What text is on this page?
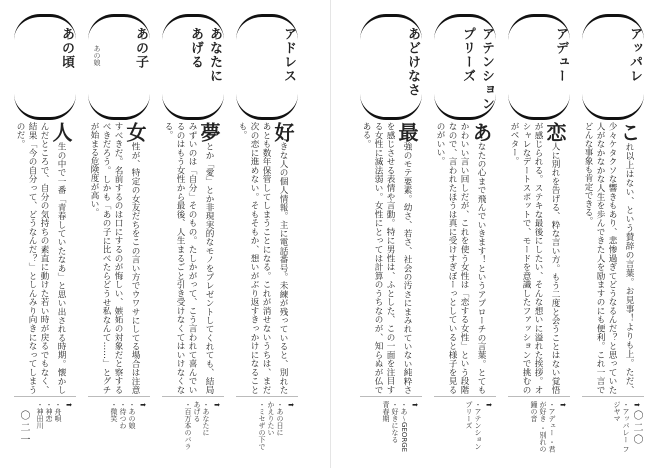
アッパレ
これ以上はない、という賛辞の言葉。お見事！よりも上。ただ、少々ケタクソな響きもあり、悲惨過ぎてどうなるんだ？と思っていた人がなかなかな人生を歩んできた人を励ますのにも便利。これ一言でどんな事象も肯定できる。
➡
・アッパレー フジヤマ
アデュー
恋人に別れを告げる、粋な言い方。もう二度と会うことはない覚悟が感じられる。ステキな最後にしたい、そんな想いに溢れた挨拶。オシャレなデートスポットで、モードを意識したファッションで挑むのがベター。
➡
・アデュー ・君が好き ・別れの鐘の音
アテンション
プリーズ
あなたの心まで飛んでいきます！というアプローチの言葉。とてもかわいい言い回しだが、これを使う女性は「恋する女性」という段階なので、言われたほうは真に受けすぎぼーっとしていると様子を見るのがいい。
➡
・アテンション
プリーズ
あどけなさ
最強のモテ要素。幼さ、若さ、社会の汚さにまみれていない純粋さを感じさせる表情や言動。特に男性は、ふとした、この一面を注目する女性に滅法弱い。女性にとっては計算のうちなのが、知らぬが仏である。
➡
・あ～GEORGE
・好きになる
青春期
アドレス
好きな人の個人情報。主に電話番号。未練が残っていると、別れたあとも数年保管してしまうことになる。これが消せないうちは、まだ次の恋に進めない。そもそもか、想いがぶり返すきっかけになることも。
➡
・あの日に
かえりたい
・ミセザの下で
あなたに
あげる
夢とか「愛」とか非現実的なモノをプレゼントしてくれても、結局みずいのは「自分」そのもの。たしかがって、こう言われて喜んでいるのはもう女性から最後、人生まるごと引き受けなくてはいけなくなる。
➡
・あなたに
あげる
・百万本のバラ
あの子
あの娘
女性が、特定の女友だちをこの言い方でウワサにしてる場合は注意すべきだ。名前するのは口にするのが悔しい、嫉妬の対象だと察するべきだろう。しかも「あの子に比べたらどうせ私なんて……」とグチが始まる危険度が高い。
➡
・あの娘
・待つわ
・微笑
あの頃
人生の中で一番「青春していたなあ」と思い出される時期。懐かしんだところで、自分の気持ちの素直に動けた若い時が戻るでもなく、結果「今の自分って、どうなんだ？」としんみり向きになってしまうのだ。
➡
・舟唄
・神恋
・神田川
〇二一	〇二〇
